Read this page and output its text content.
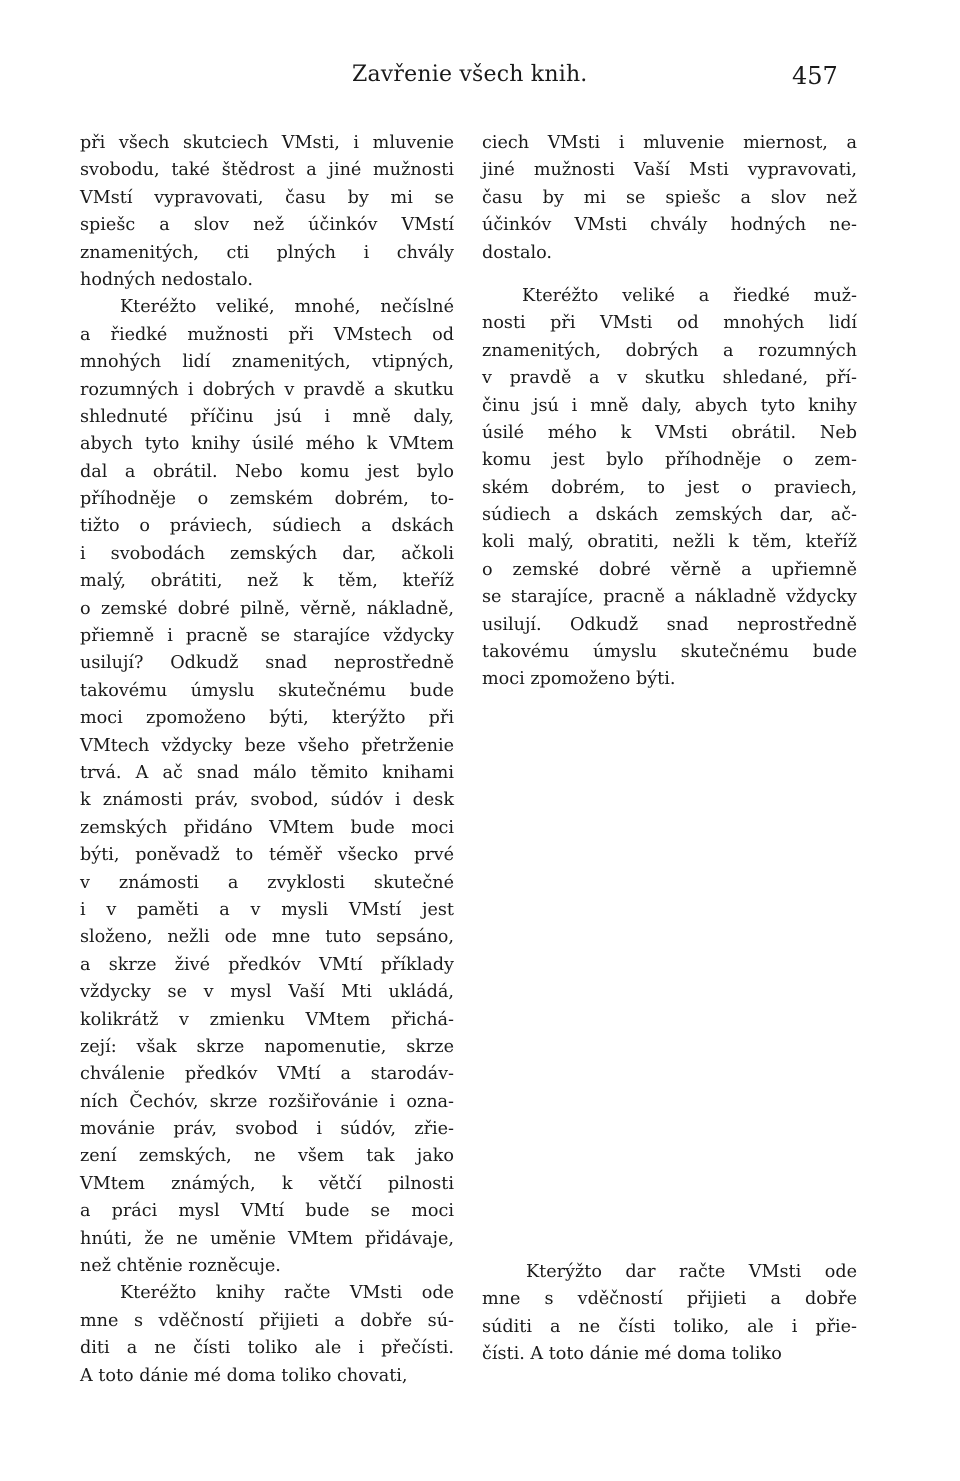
Zavřenie všech knih.	457
při všech skutciech VMsti, i mluvenie
svobodu, také štědrost a jiné mužnosti
VMstí vypravovati, času by mi se
spiešc a slov než účinkóv VMstí
znamenitých, cti plných i chvály
hodných nedostalo.
Kteréžto veliké, mnohé, nečíslné
a řiedké mužnosti při VMstech od
mnohých lidí znamenitých, vtipných,
rozumných i dobrých v pravdě a skutku
shlednuté příčinu jsú i mně daly,
abych tyto knihy úsilé mého k VMtem
dal a obrátil. Nebo komu jest bylo
příhodněje o zemském dobrém, to-
tižto o práviech, súdiech a dskách
i svobodách zemských dar, ačkoli
malý, obrátiti, než k těm, kteříž
o zemské dobré pilně, věrně, nákladně,
přiemně i pracně se starajíce vždycky
usilují? Odkudž snad neprostředně
takovému úmyslu skutečnému bude
moci zpomoženo býti, kterýžto při
VMtech vždycky beze všeho přetrženie
trvá. A ač snad málo těmito knihami
k známosti práv, svobod, súdóv i desk
zemských přidáno VMtem bude moci
býti, poněvadž to téměř všecko prvé
v známosti a zvyklosti skutečné
i v paměti a v mysli VMstí jest
složeno, nežli ode mne tuto sepsáno,
a skrze živé předkóv VMtí příklady
vždycky se v mysl Vaší Mti ukládá,
kolikrátž v zmienku VMtem přichá-
zejí: však skrze napomenutie, skrze
chválenie předkóv VMtí a starodáv-
ních Čechóv, skrze rozšiřovánie i ozna-
movánie práv, svobod i súdóv, zřie-
zení zemských, ne všem tak jako
VMtem známých, k větčí pilnosti
a práci mysl VMtí bude se moci
hnúti, že ne uměnie VMtem přidávaje,
než chtěnie rozněcuje.
Kteréžto knihy račte VMsti ode
mne s vděčností přijieti a dobře sú-
diti a ne čísti toliko ale i přečísti.
A toto dánie mé doma toliko chovati,
ciech VMsti i mluvenie miernost, a
jiné mužnosti Vaší Msti vypravovati,
času by mi se spiešc a slov než
účinkóv VMsti chvály hodných ne-
dostalo.
Kteréžto veliké a řiedké muž-
nosti při VMsti od mnohých lidí
znamenitých, dobrých a rozumných
v pravdě a v skutku shledané, pří-
činu jsú i mně daly, abych tyto knihy
úsilé mého k VMsti obrátil. Neb
komu jest bylo příhodněje o zem-
ském dobrém, to jest o praviech,
súdiech a dskách zemských dar, ač-
koli malý, obratiti, nežli k těm, kteříž
o zemské dobré věrně a upřiemně
se starajíce, pracně a nákladně vždycky
usilují. Odkudž snad neprostředně
takovému úmyslu skutečnému bude
moci zpomoženo býti.
Kterýžto dar račte VMsti ode
mne s vděčností přijieti a dobře
súditi a ne čísti toliko, ale i přie-
čísti. A toto dánie mé doma toliko
